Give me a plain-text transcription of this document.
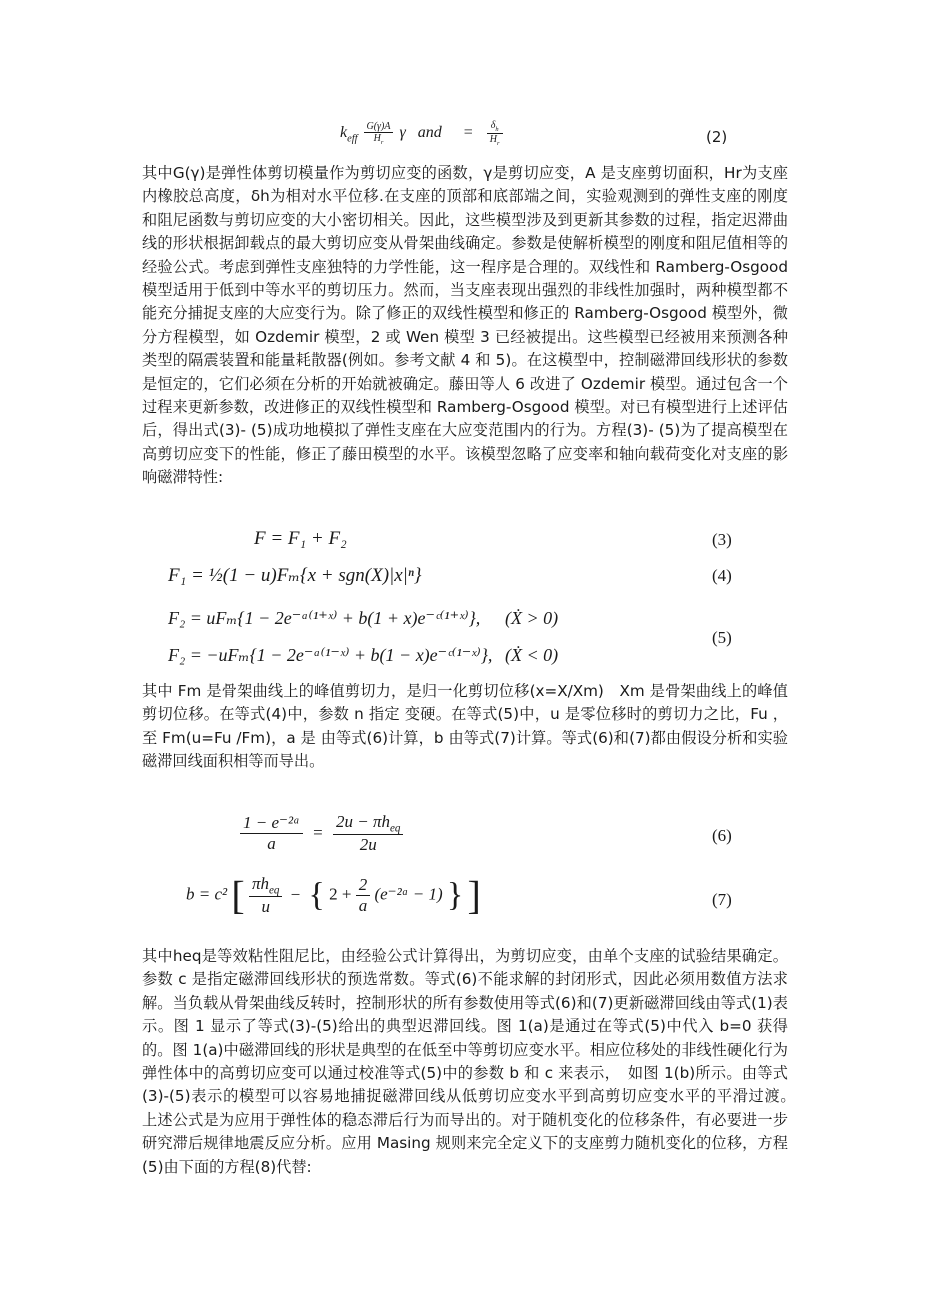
$k_{eff} \frac{G(\gamma)A}{H_r}$ γ and = $\frac{\delta_h}{H_r}$	(2)
其中G(γ)是弹性体剪切模量作为剪切应变的函数，γ是剪切应变，A 是支座剪切面积，Hr为支座内橡胶总高度，δh为相对水平位移.在支座的顶部和底部端之间，实验观测到的弹性支座的刚度和阻尼函数与剪切应变的大小密切相关。因此，这些模型涉及到更新其参数的过程，指定迟滞曲线的形状根据卸载点的最大剪切应变从骨架曲线确定。参数是使解析模型的刚度和阻尼值相等的经验公式。考虑到弹性支座独特的力学性能，这一程序是合理的。双线性和 Ramberg-Osgood 模型适用于低到中等水平的剪切压力。然而，当支座表现出强烈的非线性加强时，两种模型都不能充分捕捉支座的大应变行为。除了修正的双线性模型和修正的 Ramberg-Osgood 模型外，微分方程模型，如 Ozdemir 模型，2 或 Wen 模型 3 已经被提出。这些模型已经被用来预测各种类型的隔震装置和能量耗散器(例如。参考文献 4 和 5)。在这模型中，控制磁滞回线形状的参数是恒定的，它们必须在分析的开始就被确定。藤田等人 6 改进了 Ozdemir 模型。通过包含一个过程来更新参数，改进修正的双线性模型和 Ramberg-Osgood 模型。对已有模型进行上述评估后，得出式(3)- (5)成功地模拟了弹性支座在大应变范围内的行为。方程(3)- (5)为了提高模型在高剪切应变下的性能，修正了藤田模型的水平。该模型忽略了应变率和轴向载荷变化对支座的影响磁滞特性:
F = F₁ + F₂	(3)
F₁ = ½(1 − u)Fₘ{x + sgn(X)|x|ⁿ}	(4)
F₂ = uFₘ{1 − 2e⁻ᵃ⁽¹⁺ˣ⁾ + b(1 + x)e⁻ᶜ⁽¹⁺ˣ⁾}, (Ẋ > 0)
F₂ = −uFₘ{1 − 2e⁻ᵃ⁽¹⁻ˣ⁾ + b(1 − x)e⁻ᶜ⁽¹⁻ˣ⁾}, (Ẋ < 0)
(5)
其中 Fm 是骨架曲线上的峰值剪切力，是归一化剪切位移(x=X/Xm)　Xm 是骨架曲线上的峰值剪切位移。在等式(4)中，参数 n 指定 变硬。在等式(5)中，u 是零位移时的剪切力之比，Fu ，至 Fm(u=Fu /Fm)，a 是 由等式(6)计算，b 由等式(7)计算。等式(6)和(7)都由假设分析和实验磁滞回线面积相等而导出。
$\frac{\text{1 − e⁻²ᵃ}}{a} = \frac{2u - \pi h_{eq}}{2u}$	(6)
b = c² [ $\frac{\pi h_{eq}}{u}$ − { $2 + \frac{2}{a}$ (e⁻²ᵃ − 1) } ]	(7)
其中heq是等效粘性阻尼比，由经验公式计算得出，为剪切应变，由单个支座的试验结果确定。参数 c 是指定磁滞回线形状的预选常数。等式(6)不能求解的封闭形式，因此必须用数值方法求解。当负载从骨架曲线反转时，控制形状的所有参数使用等式(6)和(7)更新磁滞回线由等式(1)表示。图 1 显示了等式(3)-(5)给出的典型迟滞回线。图 1(a)是通过在等式(5)中代入 b=0 获得的。图 1(a)中磁滞回线的形状是典型的在低至中等剪切应变水平。相应位移处的非线性硬化行为弹性体中的高剪切应变可以通过校准等式(5)中的参数 b 和 c 来表示，　如图 1(b)所示。由等式(3)-(5)表示的模型可以容易地捕捉磁滞回线从低剪切应变水平到高剪切应变水平的平滑过渡。　上述公式是为应用于弹性体的稳态滞后行为而导出的。对于随机变化的位移条件，有必要进一步研究滞后规律地震反应分析。应用 Masing 规则来完全定义下的支座剪力随机变化的位移，方程(5)由下面的方程(8)代替:
